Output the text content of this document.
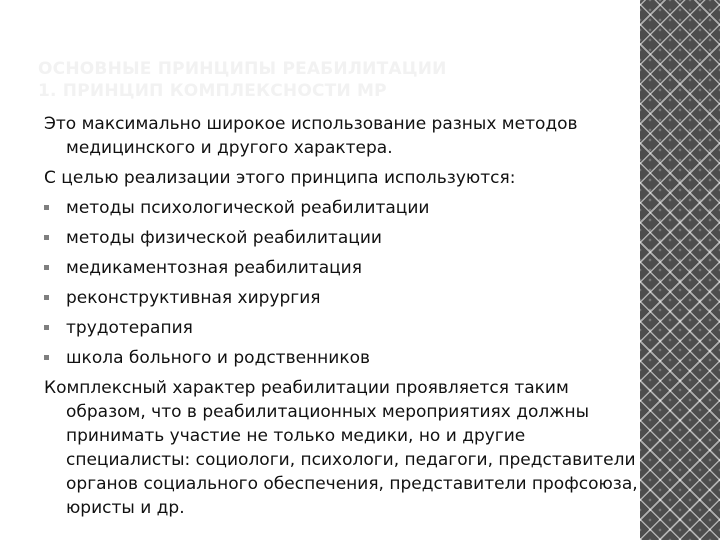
ОСНОВНЫЕ ПРИНЦИПЫ РЕАБИЛИТАЦИИ
1. ПРИНЦИП КОМПЛЕКСНОСТИ МР

Это максимально широкое использование разных методов медицинского и другого характера.

С целью реализации этого принципа используются:

методы психологической реабилитации
методы физической реабилитации
медикаментозная реабилитация
реконструктивная хирургия
трудотерапия
школа больного и родственников

Комплексный характер реабилитации проявляется таким образом, что в реабилитационных мероприятиях должны принимать участие не только медики, но и другие специалисты: социологи, психологи, педагоги, представители органов социального обеспечения, представители профсоюза, юристы и др.
